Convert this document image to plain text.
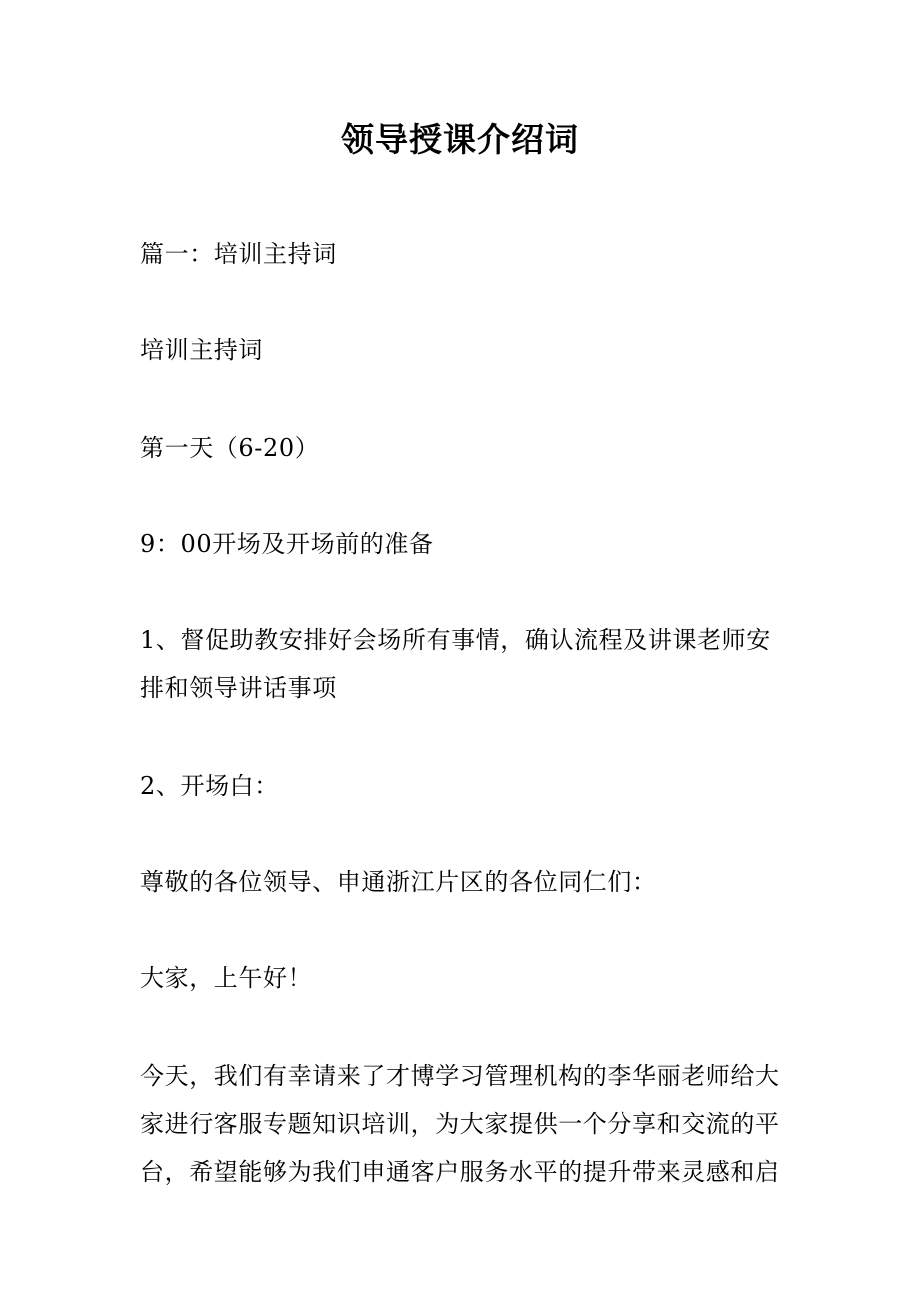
领导授课介绍词

篇一：培训主持词

培训主持词

第一天（6-20）

9：00开场及开场前的准备

1、督促助教安排好会场所有事情，确认流程及讲课老师安排和领导讲话事项

2、开场白：

尊敬的各位领导、申通浙江片区的各位同仁们：

大家，上午好！

今天，我们有幸请来了才博学习管理机构的李华丽老师给大家进行客服专题知识培训，为大家提供一个分享和交流的平台，希望能够为我们申通客户服务水平的提升带来灵感和启
